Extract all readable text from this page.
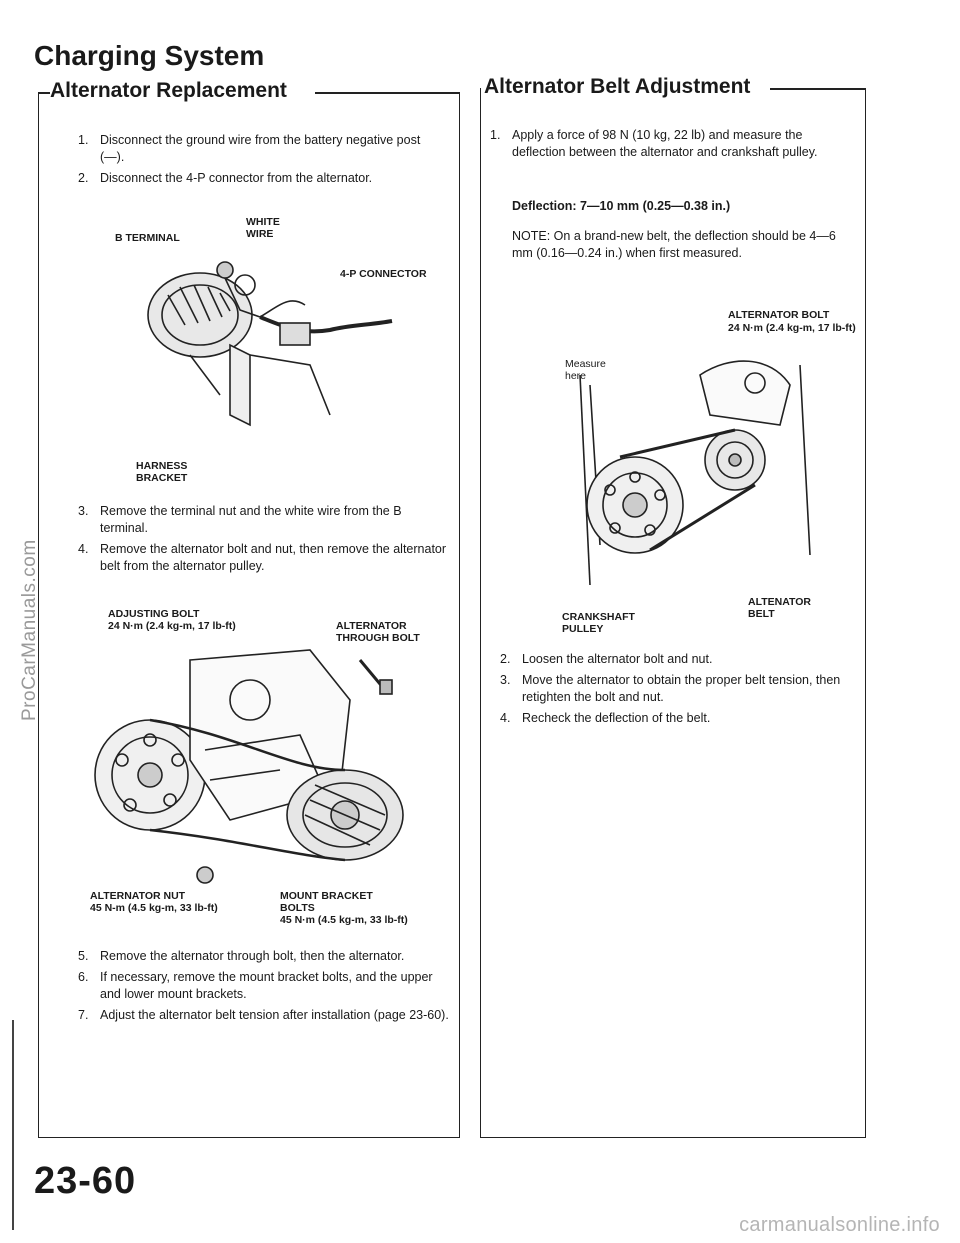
ProCarManuals.com
carmanualsonline.info
Charging System
Alternator Replacement
1. Disconnect the ground wire from the battery negative post (—).
2. Disconnect the 4-P connector from the alternator.
B TERMINAL
WHITE
WIRE
4-P CONNECTOR
HARNESS
BRACKET
3. Remove the terminal nut and the white wire from the B terminal.
4. Remove the alternator bolt and nut, then remove the alternator belt from the alternator pulley.
ADJUSTING BOLT
24 N·m (2.4 kg-m, 17 lb-ft)	ALTERNATOR
THROUGH BOLT
ALTERNATOR NUT
45 N-m (4.5 kg-m, 33 lb-ft)
MOUNT BRACKET
BOLTS
45 N·m (4.5 kg-m, 33 lb-ft)
5. Remove the alternator through bolt, then the alternator.
6. If necessary, remove the mount bracket bolts, and the upper and lower mount brackets.
7. Adjust the alternator belt tension after installation (page 23-60).
Alternator Belt Adjustment
1. Apply a force of 98 N (10 kg, 22 lb) and measure the deflection between the alternator and crankshaft pulley.
Deflection: 7—10 mm (0.25—0.38 in.)
NOTE: On a brand-new belt, the deflection should be 4—6 mm (0.16—0.24 in.) when first measured.
ALTERNATOR BOLT
24 N·m (2.4 kg-m, 17 lb-ft)
Measure
here
CRANKSHAFT
PULLEY
ALTENATOR
BELT
2. Loosen the alternator bolt and nut.
3. Move the alternator to obtain the proper belt tension, then retighten the bolt and nut.
4. Recheck the deflection of the belt.
23-60
